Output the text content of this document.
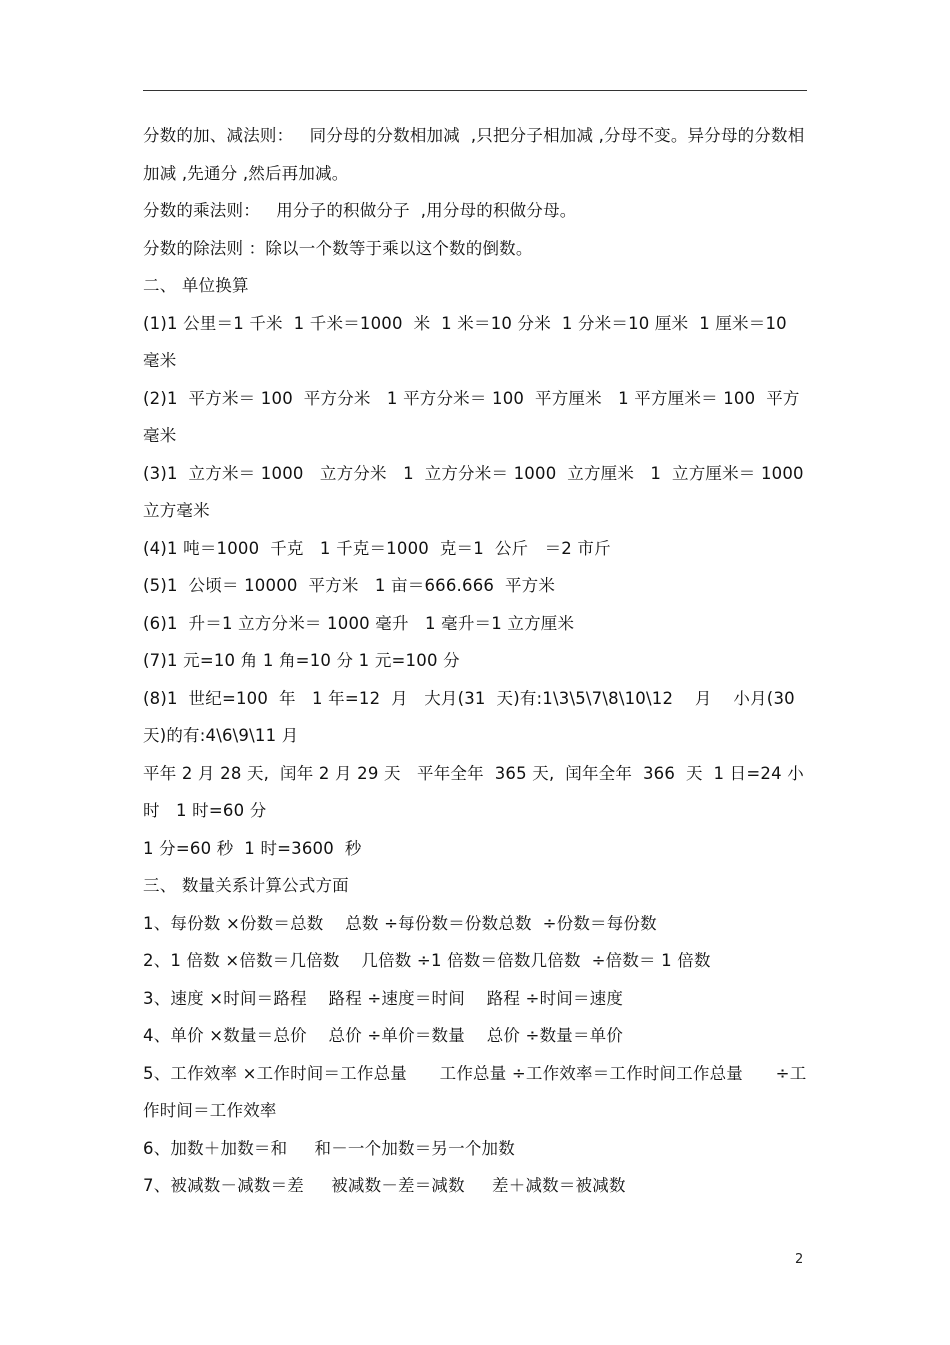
分数的加、减法则：   同分母的分数相加减  ,只把分子相加减 ,分母不变。异分母的分数相加减 ,先通分 ,然后再加减。

分数的乘法则：   用分子的积做分子  ,用分母的积做分母。

分数的除法则 ：除以一个数等于乘以这个数的倒数。

二、 单位换算

(1)1 公里＝1 千米  1 千米＝1000  米  1 米＝10 分米  1 分米＝10 厘米  1 厘米＝10 毫米

(2)1  平方米＝ 100  平方分米   1 平方分米＝ 100  平方厘米   1 平方厘米＝ 100  平方毫米

(3)1  立方米＝ 1000   立方分米   1  立方分米＝ 1000  立方厘米   1  立方厘米＝ 1000 立方毫米

(4)1 吨＝1000  千克   1 千克＝1000  克＝1  公斤   ＝2 市斤

(5)1  公顷＝ 10000  平方米   1 亩＝666.666  平方米

(6)1  升＝1 立方分米＝ 1000 毫升   1 毫升＝1 立方厘米

(7)1 元=10 角 1 角=10 分 1 元=100 分

(8)1  世纪=100  年   1 年=12  月   大月(31  天)有:1\3\5\7\8\10\12    月    小月(30  天)的有:4\6\9\11 月

平年 2 月 28 天,  闰年 2 月 29 天   平年全年  365 天,  闰年全年  366  天  1 日=24 小时   1 时=60 分

1 分=60 秒  1 时=3600  秒

三、 数量关系计算公式方面

1、每份数 ×份数＝总数    总数 ÷每份数＝份数总数  ÷份数＝每份数

2、1 倍数 ×倍数＝几倍数    几倍数 ÷1 倍数＝倍数几倍数  ÷倍数＝ 1 倍数

3、速度 ×时间＝路程    路程 ÷速度＝时间    路程 ÷时间＝速度

4、单价 ×数量＝总价    总价 ÷单价＝数量    总价 ÷数量＝单价

5、工作效率 ×工作时间＝工作总量      工作总量 ÷工作效率＝工作时间工作总量      ÷工作时间＝工作效率

6、加数＋加数＝和     和－一个加数＝另一个加数

7、被减数－减数＝差     被减数－差＝减数     差＋减数＝被减数

2
